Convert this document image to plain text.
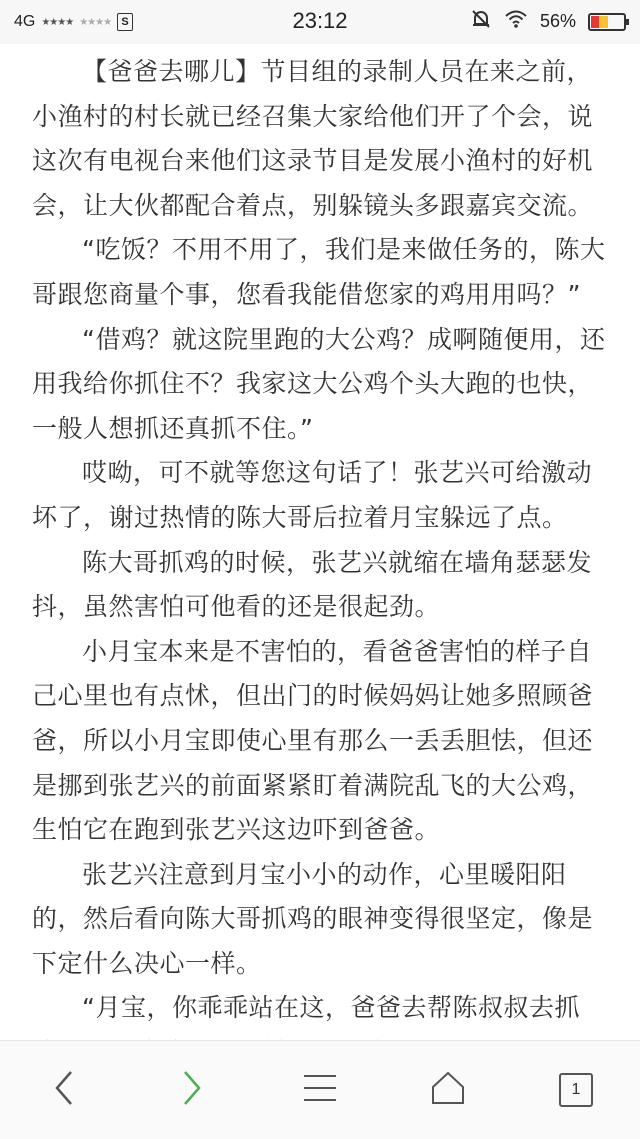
4G ★★★★ ★★★★ S	23:12	56%

【爸爸去哪儿】节目组的录制人员在来之前，小渔村的村长就已经召集大家给他们开了个会，说这次有电视台来他们这录节目是发展小渔村的好机会，让大伙都配合着点，别躲镜头多跟嘉宾交流。

“吃饭？不用不用了，我们是来做任务的，陈大哥跟您商量个事，您看我能借您家的鸡用用吗？”

“借鸡？就这院里跑的大公鸡？成啊随便用，还用我给你抓住不？我家这大公鸡个头大跑的也快，一般人想抓还真抓不住。”

哎呦，可不就等您这句话了！张艺兴可给激动坏了，谢过热情的陈大哥后拉着月宝躲远了点。

陈大哥抓鸡的时候，张艺兴就缩在墙角瑟瑟发抖，虽然害怕可他看的还是很起劲。

小月宝本来是不害怕的，看爸爸害怕的样子自己心里也有点怵，但出门的时候妈妈让她多照顾爸爸，所以小月宝即使心里有那么一丢丢胆怯，但还是挪到张艺兴的前面紧紧盯着满院乱飞的大公鸡，生怕它在跑到张艺兴这边吓到爸爸。

张艺兴注意到月宝小小的动作，心里暖阳阳的，然后看向陈大哥抓鸡的眼神变得很坚定，像是下定什么决心一样。

“月宝，你乖乖站在这，爸爸去帮陈叔叔去抓

1
